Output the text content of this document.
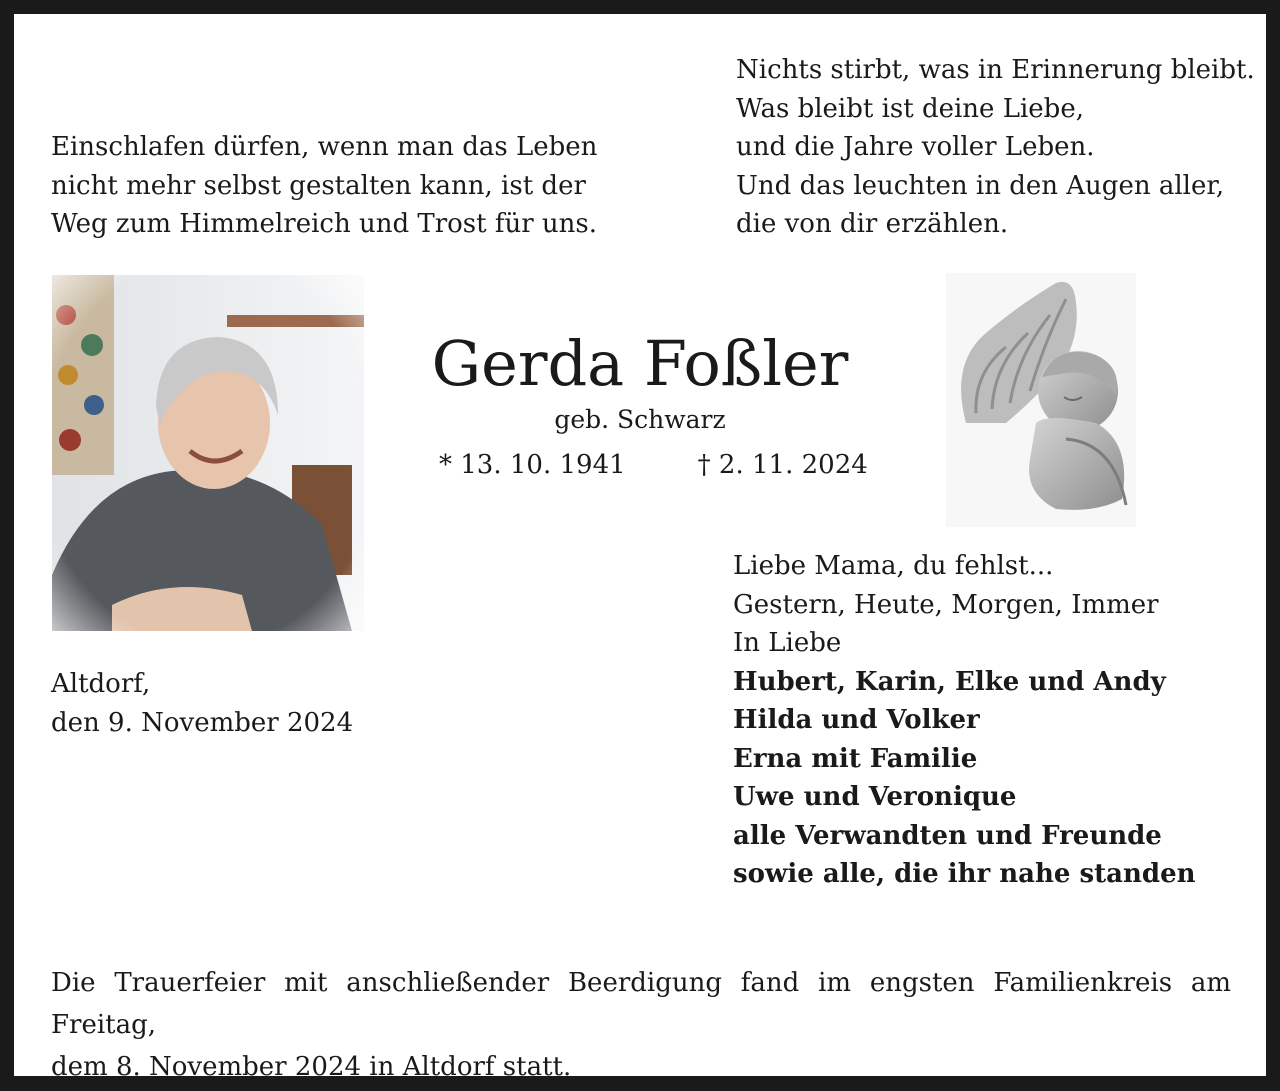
Einschlafen dürfen, wenn man das Leben
nicht mehr selbst gestalten kann, ist der
Weg zum Himmelreich und Trost für uns.
Nichts stirbt, was in Erinnerung bleibt.
Was bleibt ist deine Liebe,
und die Jahre voller Leben.
Und das leuchten in den Augen aller,
die von dir erzählen.
Gerda Foßler
geb. Schwarz
* 13. 10. 1941	† 2. 11. 2024
Altdorf,
den 9. November 2024
Liebe Mama, du fehlst...
Gestern, Heute, Morgen, Immer
In Liebe
Hubert, Karin, Elke und Andy
Hilda und Volker
Erna mit Familie
Uwe und Veronique
alle Verwandten und Freunde
sowie alle, die ihr nahe standen
Die Trauerfeier mit anschließender Beerdigung fand im engsten Familienkreis am Freitag,
dem 8. November 2024 in Altdorf statt.
